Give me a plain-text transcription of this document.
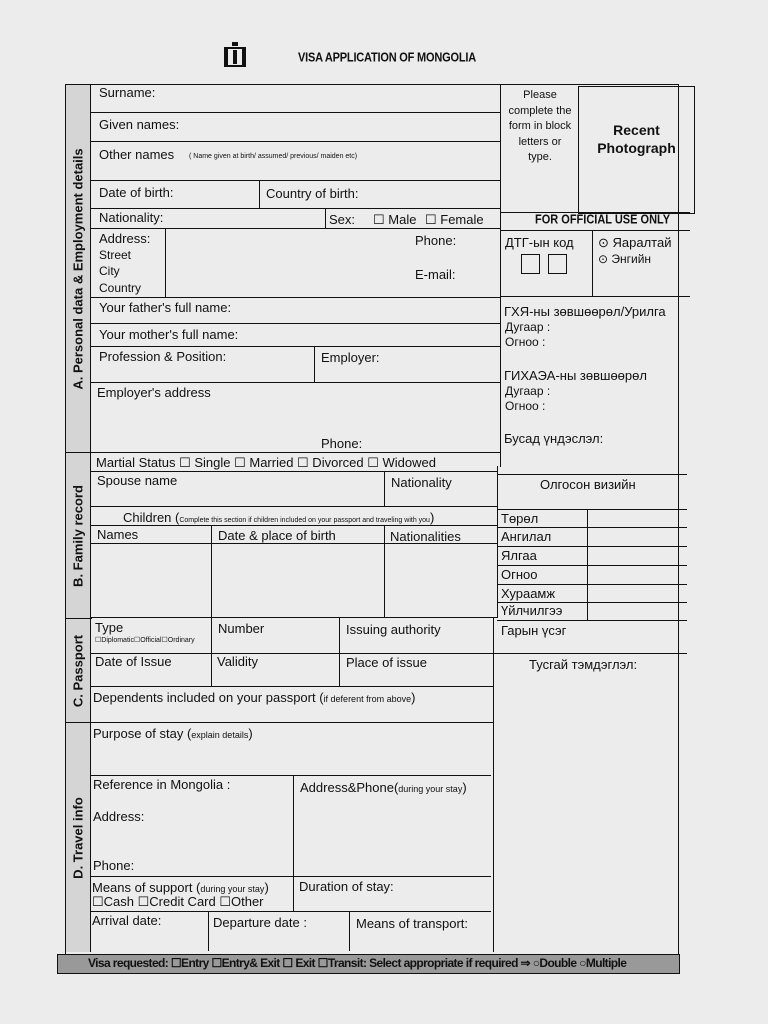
VISA APPLICATION OF MONGOLIA
A. Personal data & Employment details
B. Family record
C. Passport
D. Travel info
Surname:
Given names:
Other names ( Name given at birth/ assumed/ previous/ maiden etc)
Date of birth:	Country of birth:
Nationality:	Sex: ☐ Male ☐ Female
Address:
Street
City
Country
Phone:
E-mail:
Your father's full name:
Your mother's full name:
Profession & Position:	Employer:
Employer's address
Phone:
Martial Status ☐ Single ☐ Married ☐ Divorced ☐ Widowed
Spouse name	Nationality
Children (Complete this section if children included on your passport and traveling with you)
Names	Date & place of birth	Nationalities
Type
☐Diplomatic☐Official☐Ordinary
Number	Issuing authority
Date of Issue	Validity	Place of issue
Dependents included on your passport (if deferent from above)
Purpose of stay (explain details)
Reference in Mongolia :	Address&Phone(during your stay)
Address:
Phone:
Means of support (during your stay)
☐Cash ☐Credit Card ☐Other
Duration of stay:
Arrival date:	Departure date :	Means of transport:
Please
complete the
form in block
letters or
type.
Recent
Photograph
FOR OFFICIAL USE ONLY
ДТГ-ын код ⊙ Яаралтай
⊙ Энгийн
ГХЯ-ны зөвшөөрөл/Урилга
Дугаар :
Огноо :
ГИХАЭА-ны зөвшөөрөл
Дугаар :
Огноо :
Бусад үндэслэл:
Олгосон визийн
Төрөл
Ангилал
Ялгаа
Огноо
Хураамж
Үйлчилгээ
Гарын үсэг
Тусгай тэмдэглэл:
Visa requested: ☐Entry ☐Entry& Exit ☐ Exit ☐Transit: Select appropriate if required ⇒ ○Double ○Multiple
